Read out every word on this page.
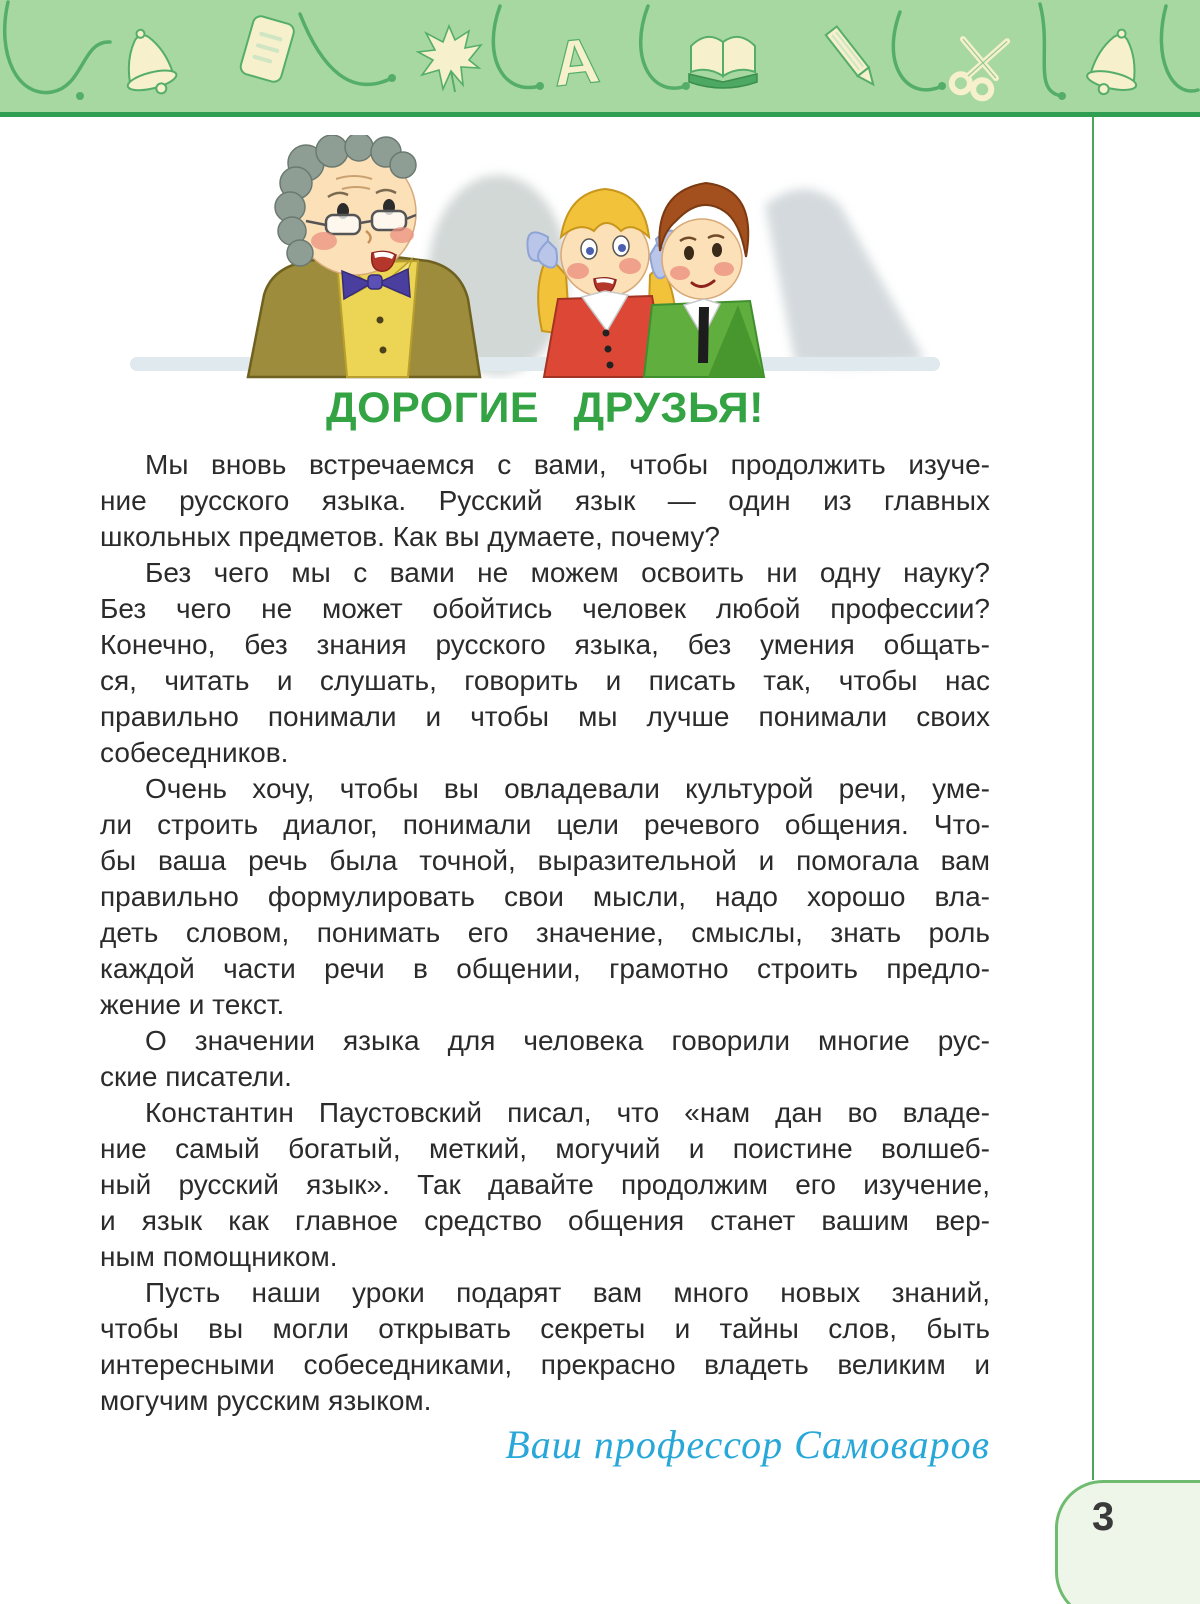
А
ДОРОГИЕ ДРУЗЬЯ!
Мы вновь встречаемся с вами, чтобы продолжить изуче-
ние русского языка. Русский язык — один из главных
школьных предметов. Как вы думаете, почему?
Без чего мы с вами не можем освоить ни одну науку?
Без чего не может обойтись человек любой профессии?
Конечно, без знания русского языка, без умения общать-
ся, читать и слушать, говорить и писать так, чтобы нас
правильно понимали и чтобы мы лучше понимали своих
собеседников.
Очень хочу, чтобы вы овладевали культурой речи, уме-
ли строить диалог, понимали цели речевого общения. Что-
бы ваша речь была точной, выразительной и помогала вам
правильно формулировать свои мысли, надо хорошо вла-
деть словом, понимать его значение, смыслы, знать роль
каждой части речи в общении, грамотно строить предло-
жение и текст.
О значении языка для человека говорили многие рус-
ские писатели.
Константин Паустовский писал, что «нам дан во владе-
ние самый богатый, меткий, могучий и поистине волшеб-
ный русский язык». Так давайте продолжим его изучение,
и язык как главное средство общения станет вашим вер-
ным помощником.
Пусть наши уроки подарят вам много новых знаний,
чтобы вы могли открывать секреты и тайны слов, быть
интересными собеседниками, прекрасно владеть великим и
могучим русским языком.
Ваш профессор Самоваров
3
